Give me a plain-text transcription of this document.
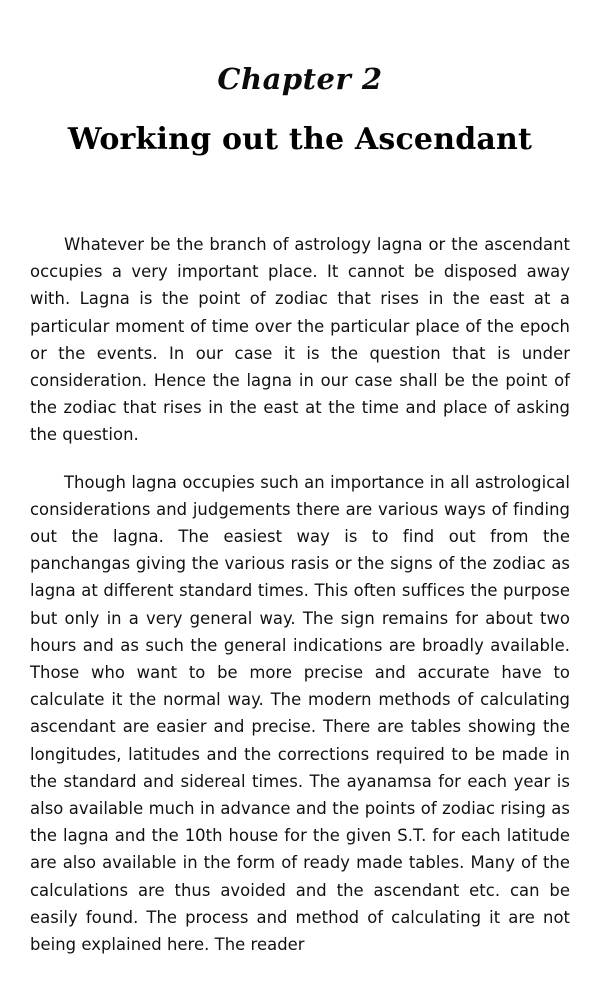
Chapter 2
Working out the Ascendant

Whatever be the branch of astrology lagna or the ascendant occupies a very important place. It cannot be disposed away with. Lagna is the point of zodiac that rises in the east at a particular moment of time over the particular place of the epoch or the events. In our case it is the question that is under consideration. Hence the lagna in our case shall be the point of the zodiac that rises in the east at the time and place of asking the question.

Though lagna occupies such an importance in all astrological considerations and judgements there are various ways of finding out the lagna. The easiest way is to find out from the panchangas giving the various rasis or the signs of the zodiac as lagna at different standard times. This often suffices the purpose but only in a very general way. The sign remains for about two hours and as such the general indications are broadly available. Those who want to be more precise and accurate have to calculate it the normal way. The modern methods of calculating ascendant are easier and precise. There are tables showing the longitudes, latitudes and the corrections required to be made in the standard and sidereal times. The ayanamsa for each year is also available much in advance and the points of zodiac rising as the lagna and the 10th house for the given S.T. for each latitude are also available in the form of ready made tables. Many of the calculations are thus avoided and the ascendant etc. can be easily found. The process and method of calculating it are not being explained here. The reader
